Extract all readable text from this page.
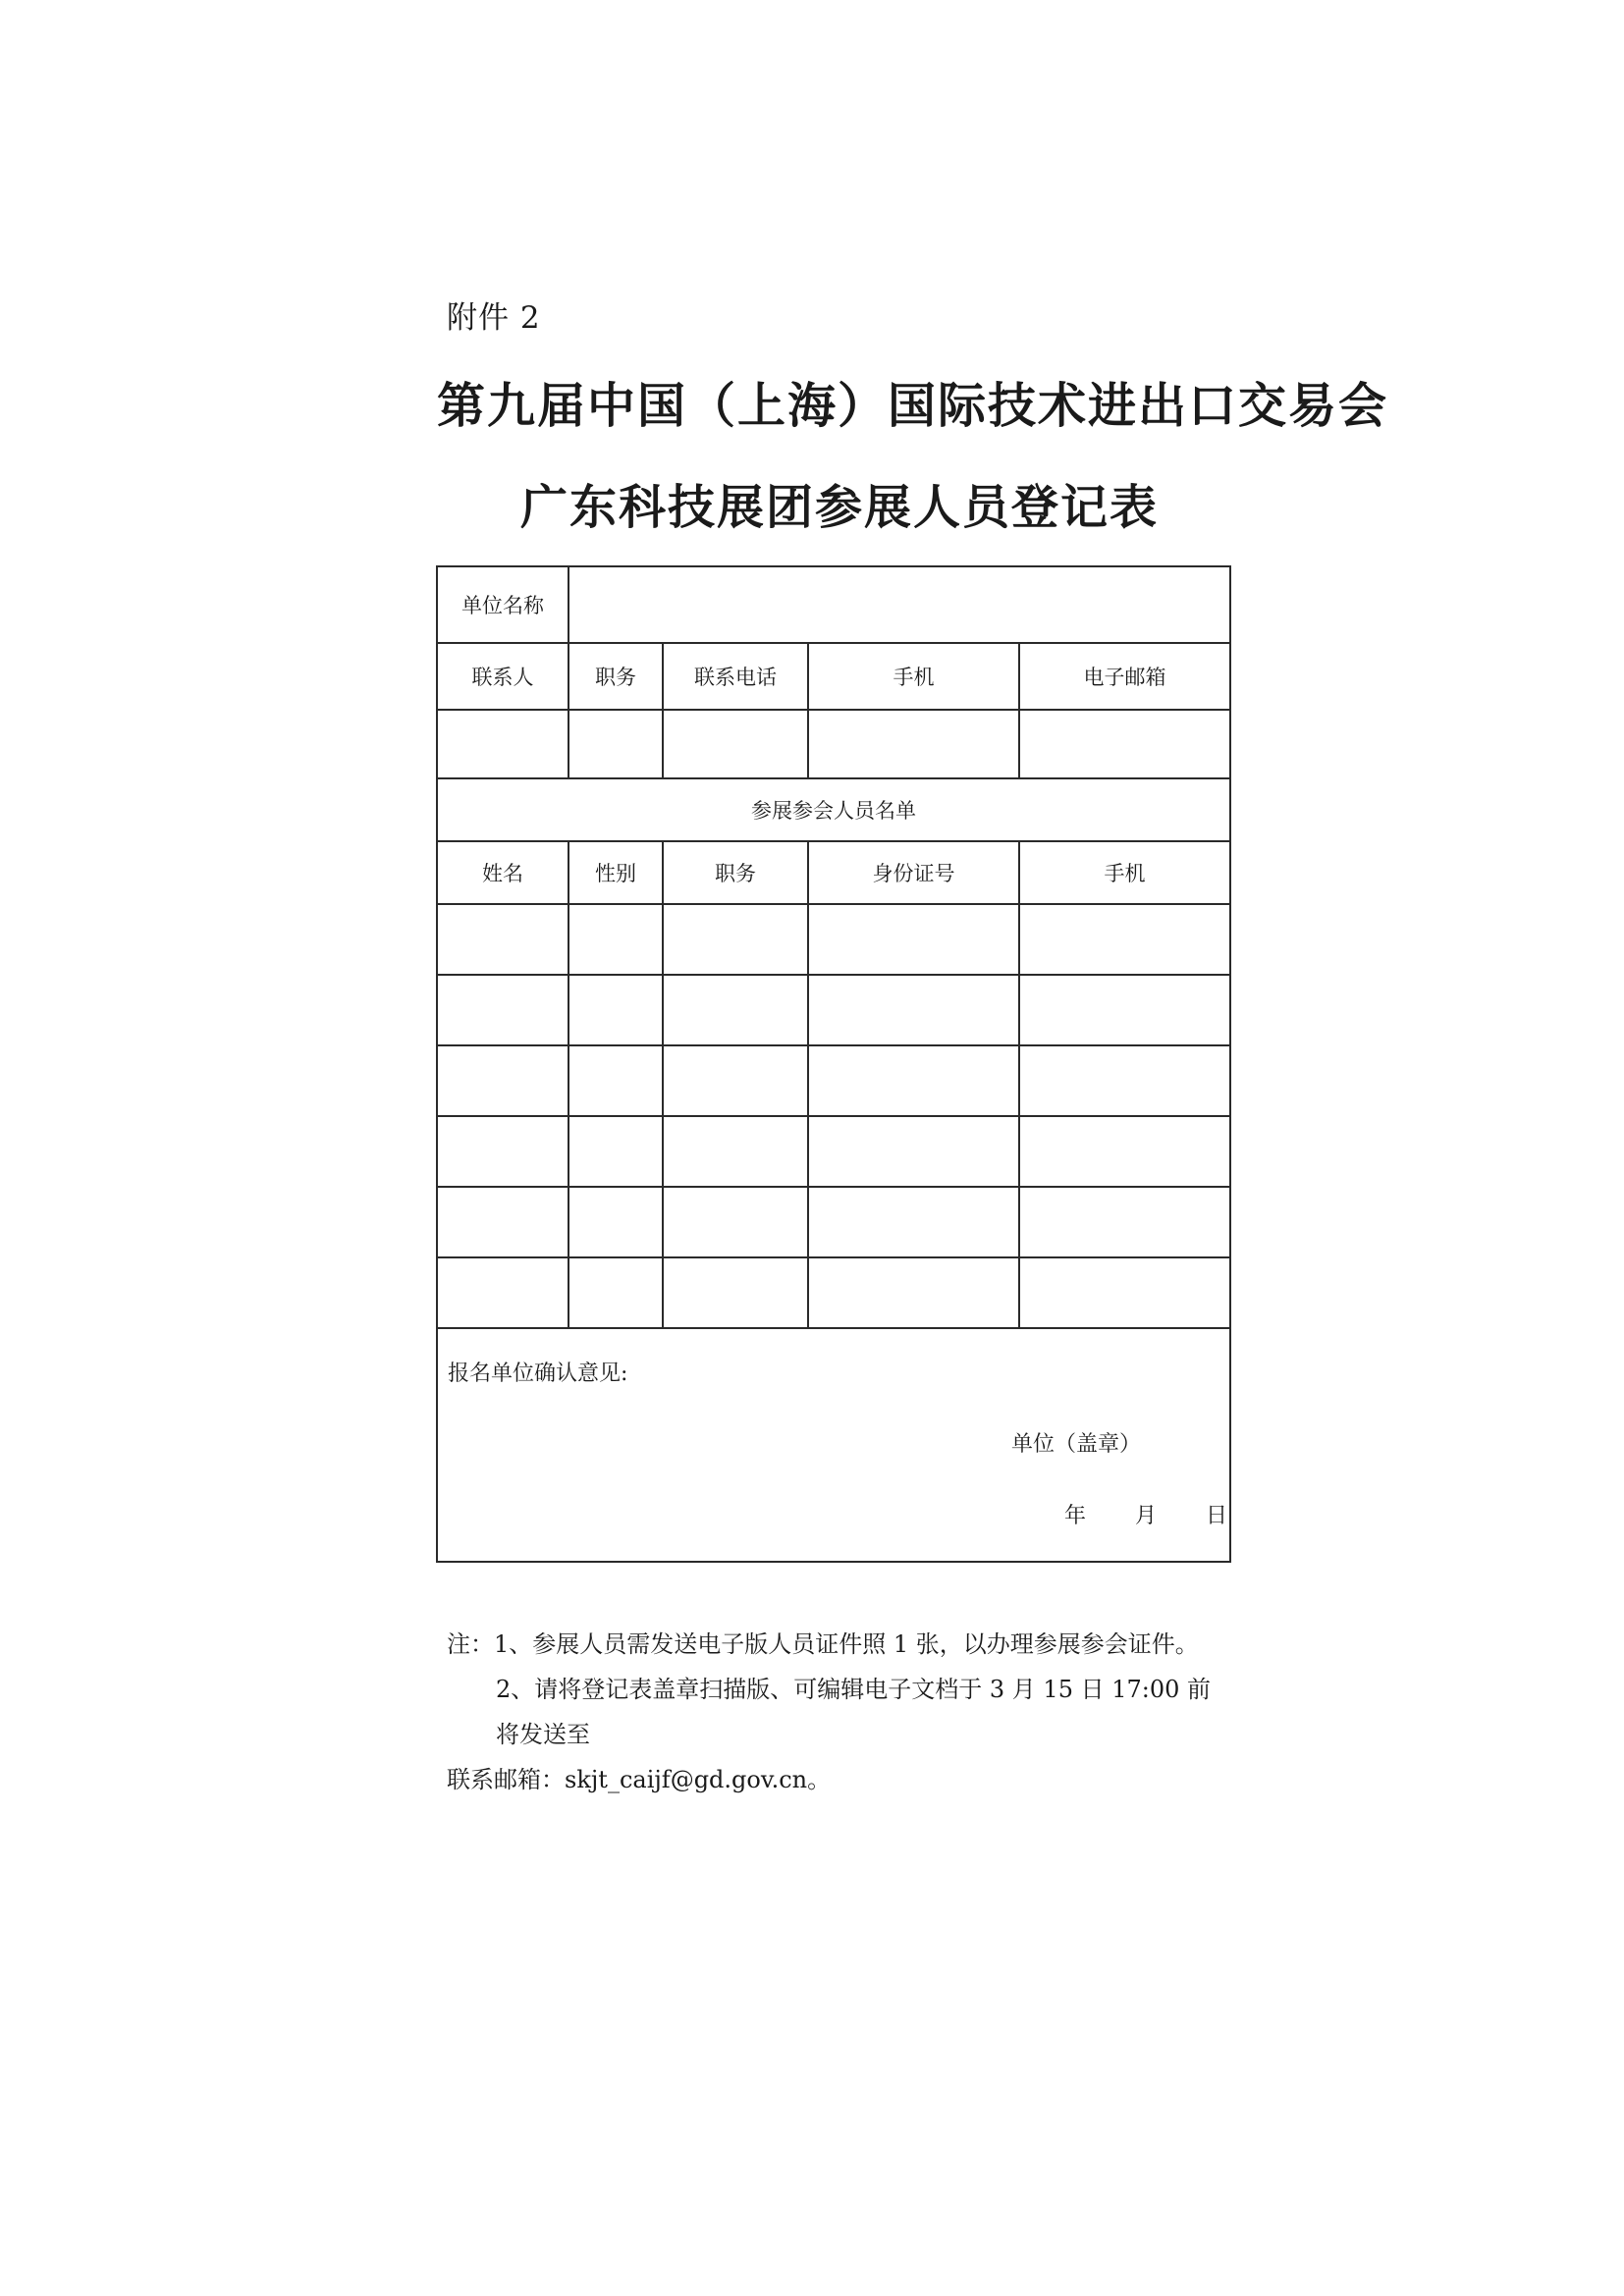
附件 2
第九届中国（上海）国际技术进出口交易会
广东科技展团参展人员登记表
单位名称				
联系人	职务	联系电话	手机	电子邮箱

参展参会人员名单				
姓名	性别	职务	身份证号	手机

报名单位确认意见:
单位（盖章）
年 月 日				

注：1、参展人员需发送电子版人员证件照 1 张，以办理参展参会证件。

2、请将登记表盖章扫描版、可编辑电子文档于 3 月 15 日 17:00 前将发送至

联系邮箱：skjt_caijf@gd.gov.cn。
